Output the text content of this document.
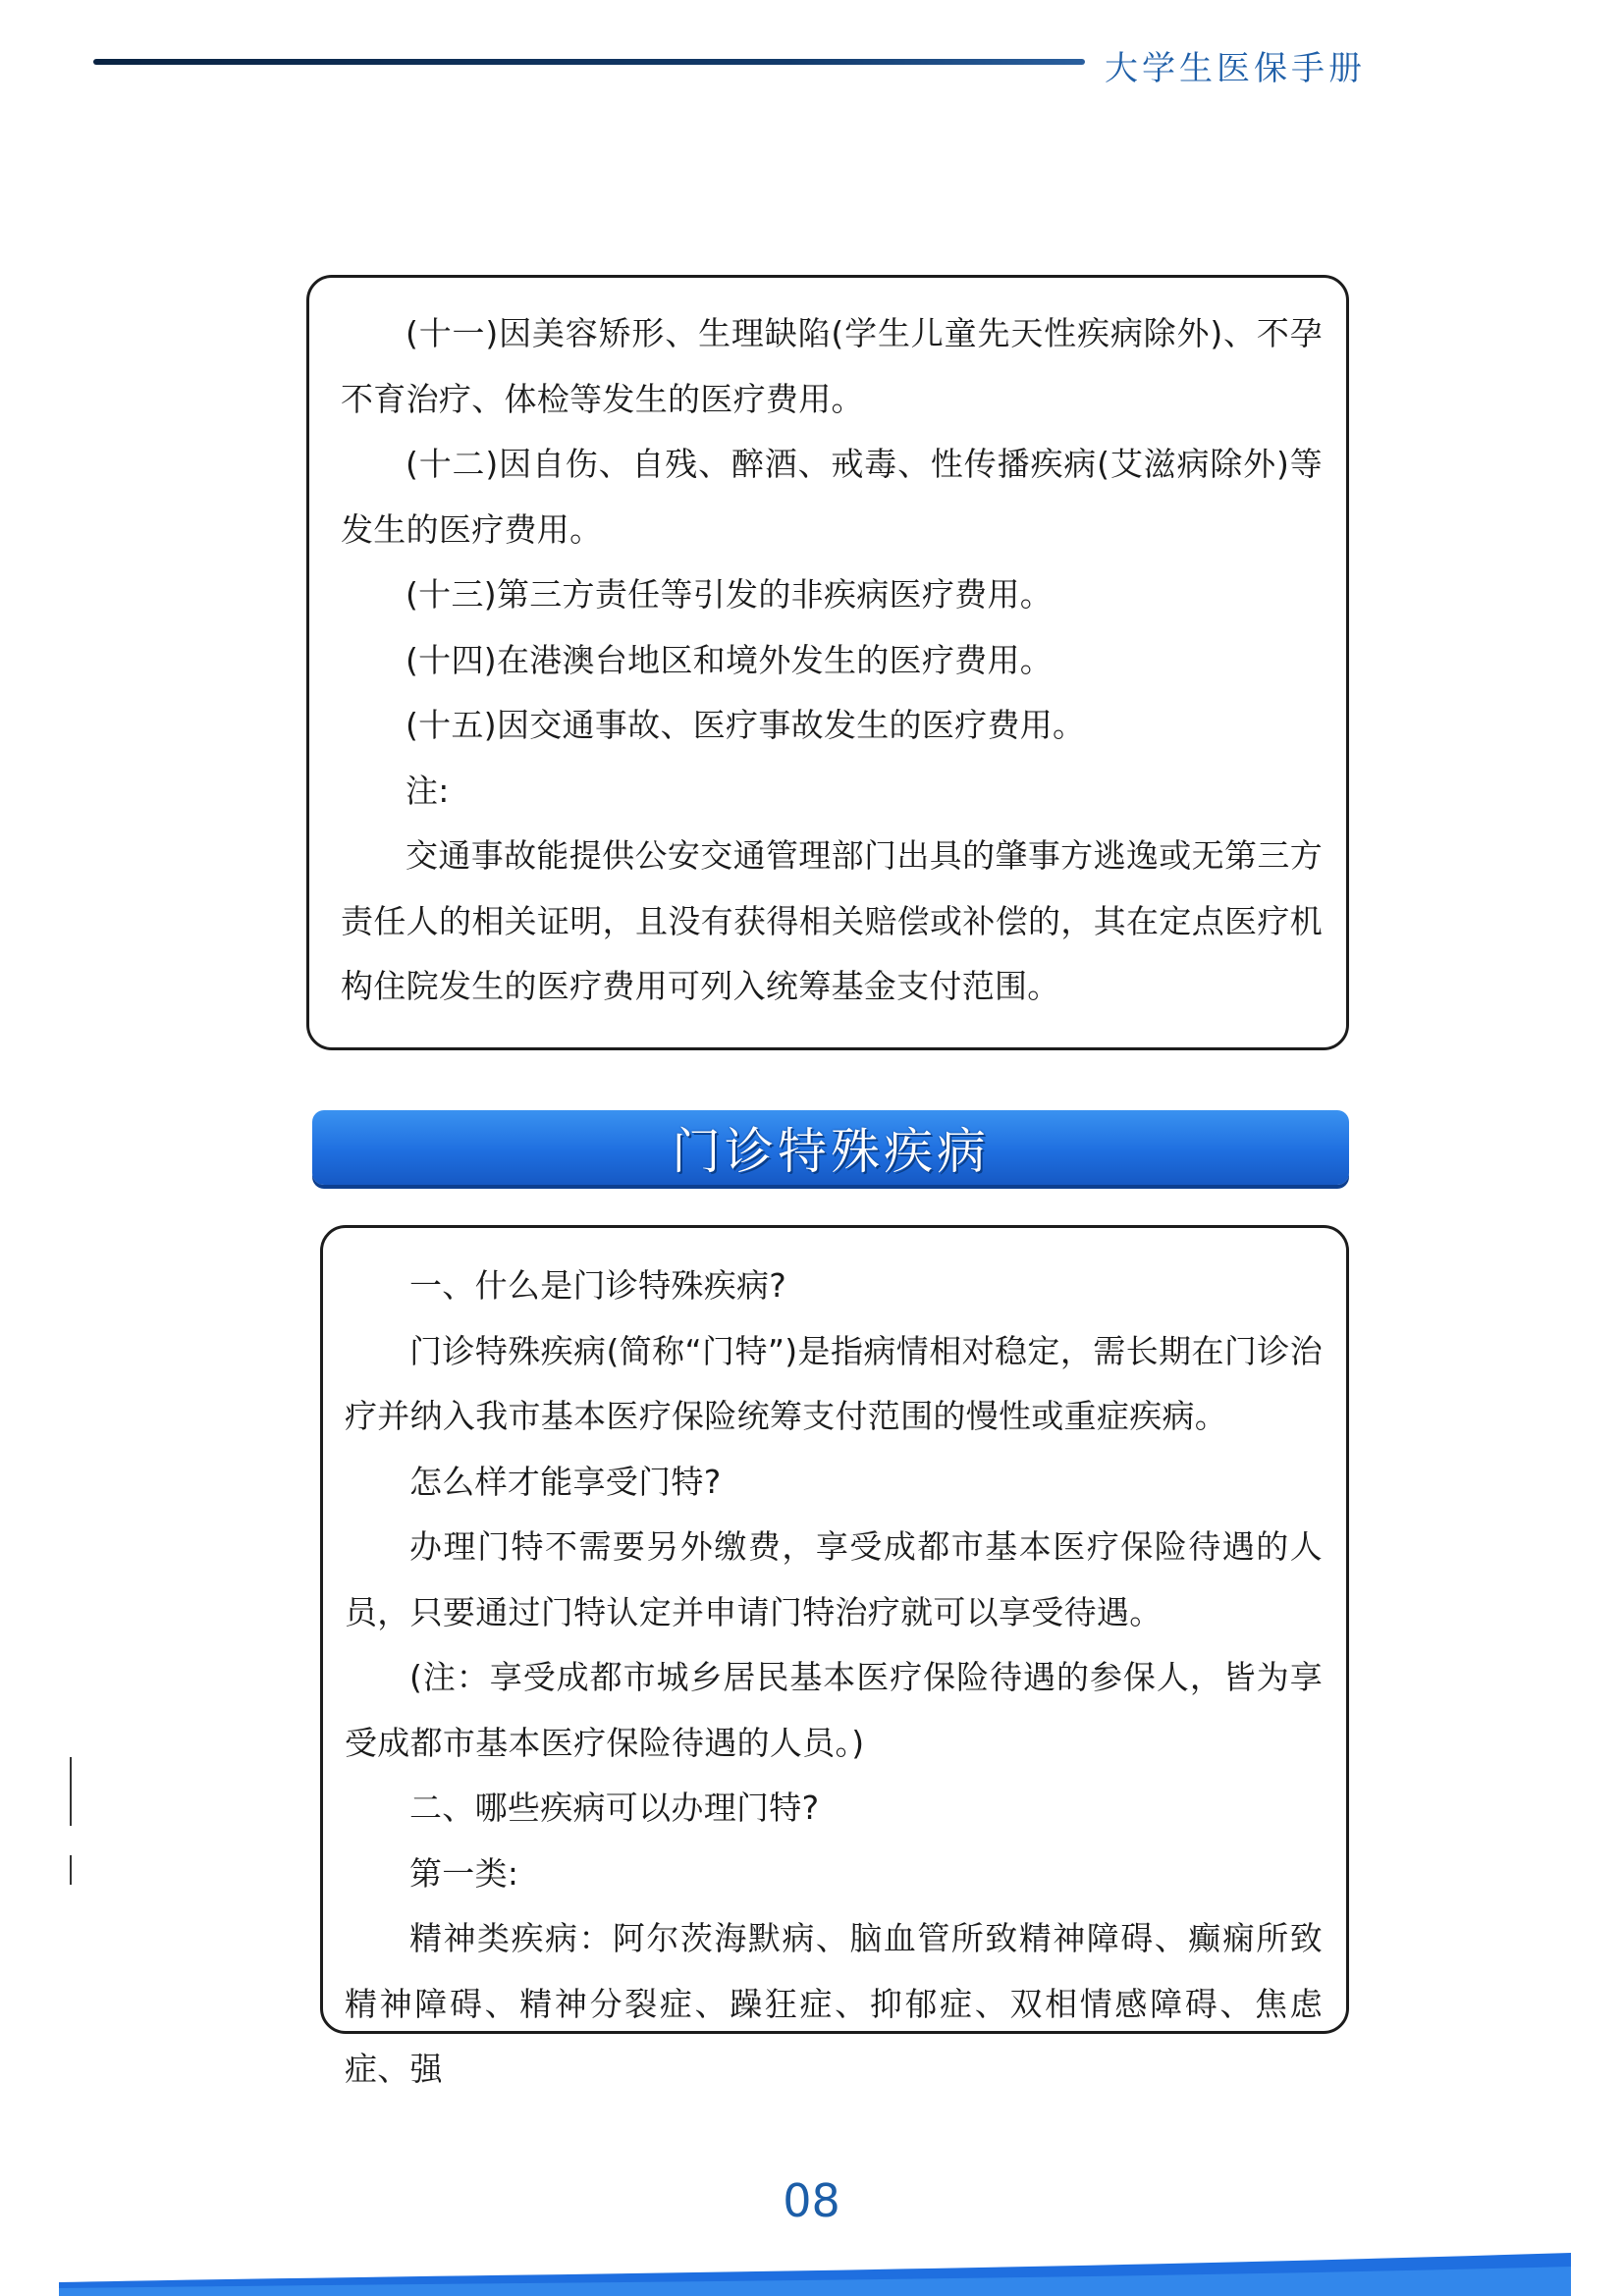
大学生医保手册

(十一)因美容矫形、生理缺陷(学生儿童先天性疾病除外)、不孕不育治疗、体检等发生的医疗费用。

(十二)因自伤、自残、醉酒、戒毒、性传播疾病(艾滋病除外)等发生的医疗费用。

(十三)第三方责任等引发的非疾病医疗费用。

(十四)在港澳台地区和境外发生的医疗费用。

(十五)因交通事故、医疗事故发生的医疗费用。

注:

交通事故能提供公安交通管理部门出具的肇事方逃逸或无第三方责任人的相关证明，且没有获得相关赔偿或补偿的，其在定点医疗机构住院发生的医疗费用可列入统筹基金支付范围。

门诊特殊疾病

一、什么是门诊特殊疾病?

门诊特殊疾病(简称“门特”)是指病情相对稳定，需长期在门诊治疗并纳入我市基本医疗保险统筹支付范围的慢性或重症疾病。

怎么样才能享受门特?

办理门特不需要另外缴费，享受成都市基本医疗保险待遇的人员，只要通过门特认定并申请门特治疗就可以享受待遇。

(注：享受成都市城乡居民基本医疗保险待遇的参保人，皆为享受成都市基本医疗保险待遇的人员。)

二、哪些疾病可以办理门特?

第一类:

精神类疾病：阿尔茨海默病、脑血管所致精神障碍、癫痫所致精神障碍、精神分裂症、躁狂症、抑郁症、双相情感障碍、焦虑症、强

08
